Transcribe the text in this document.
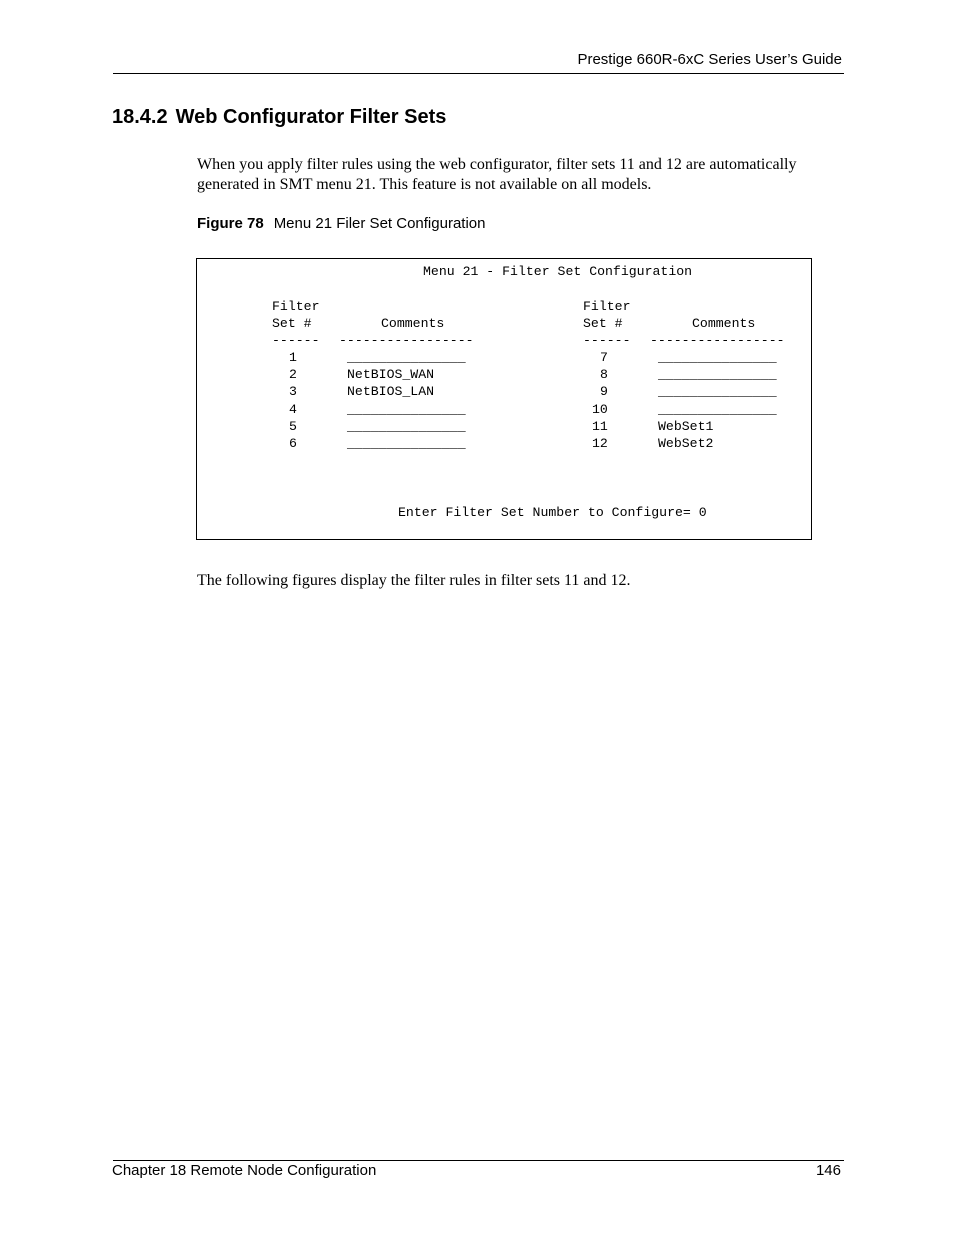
Prestige 660R-6xC Series User’s Guide
18.4.2 Web Configurator Filter Sets

When you apply filter rules using the web configurator, filter sets 11 and 12 are automatically generated in SMT menu 21. This feature is not available on all models.

Figure 78 Menu 21 Filer Set Configuration

Menu 21 - Filter Set Configuration
Filter
Set #	Comments
------ -----------------
Filter
Set #	Comments
------ -----------------
1	_______________
2	NetBIOS_WAN
3	NetBIOS_LAN
4	_______________
5	_______________
6	_______________
7	_______________
8	_______________
9	_______________
10	_______________
11	WebSet1
12	WebSet2
Enter Filter Set Number to Configure= 0

The following figures display the filter rules in filter sets 11 and 12.

Chapter 18 Remote Node Configuration	146
